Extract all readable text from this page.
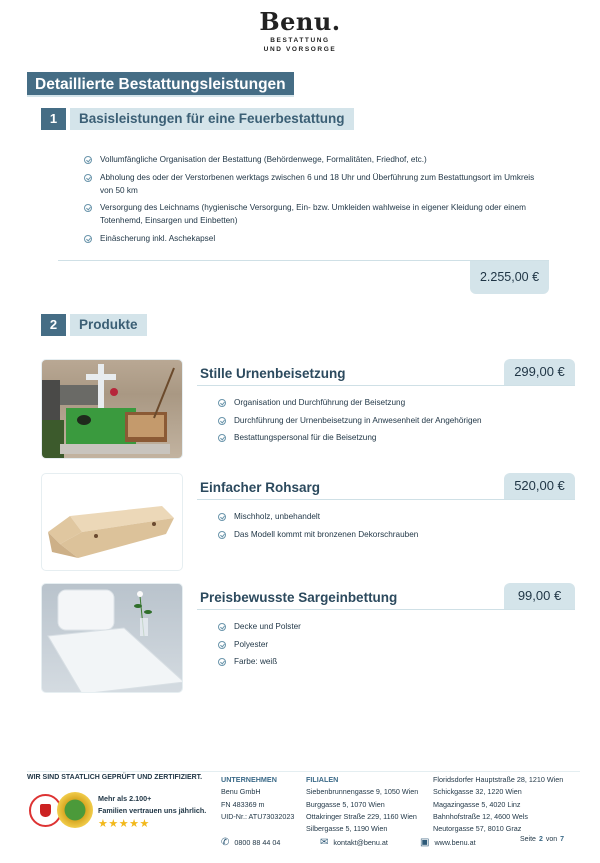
Benu.
BESTATTUNG
UND VORSORGE
Detaillierte Bestattungsleistungen
1	Basisleistungen für eine Feuerbestattung
Vollumfängliche Organisation der Bestattung (Behördenwege, Formalitäten, Friedhof, etc.)
Abholung des oder der Verstorbenen werktags zwischen 6 und 18 Uhr und Überführung zum Bestattungsort im Umkreis von 50 km
Versorgung des Leichnams (hygienische Versorgung, Ein- bzw. Umkleiden wahlweise in eigener Kleidung oder einem Totenhemd, Einsargen und Einbetten)
Einäscherung inkl. Aschekapsel
2.255,00 €
2	Produkte
Stille Urnenbeisetzung	299,00 €
Organisation und Durchführung der Beisetzung
Durchführung der Urnenbeisetzung in Anwesenheit der Angehörigen
Bestattungspersonal für die Beisetzung
Einfacher Rohsarg	520,00 €
Mischholz, unbehandelt
Das Modell kommt mit bronzenen Dekorschrauben
Preisbewusste Sargeinbettung	99,00 €
Decke und Polster
Polyester
Farbe: weiß
WIR SIND STAATLICH GEPRÜFT UND ZERTIFIZIERT.
Mehr als 2.100+
Familien vertrauen uns jährlich.
★★★★★
UNTERNEHMEN
Benu GmbH
FN 483369 m
UID-Nr.: ATU73032023
FILIALEN
Siebenbrunnengasse 9, 1050 Wien
Burggasse 5, 1070 Wien
Ottakringer Straße 229, 1160 Wien
Silbergasse 5, 1190 Wien
Floridsdorfer Hauptstraße 28, 1210 Wien
Schickgasse 32, 1220 Wien
Magazingasse 5, 4020 Linz
Bahnhofstraße 12, 4600 Wels
Neutorgasse 57, 8010 Graz
✆ 0800 88 44 04	✉ kontakt@benu.at	▣ www.benu.at	Seite 2 von 7
